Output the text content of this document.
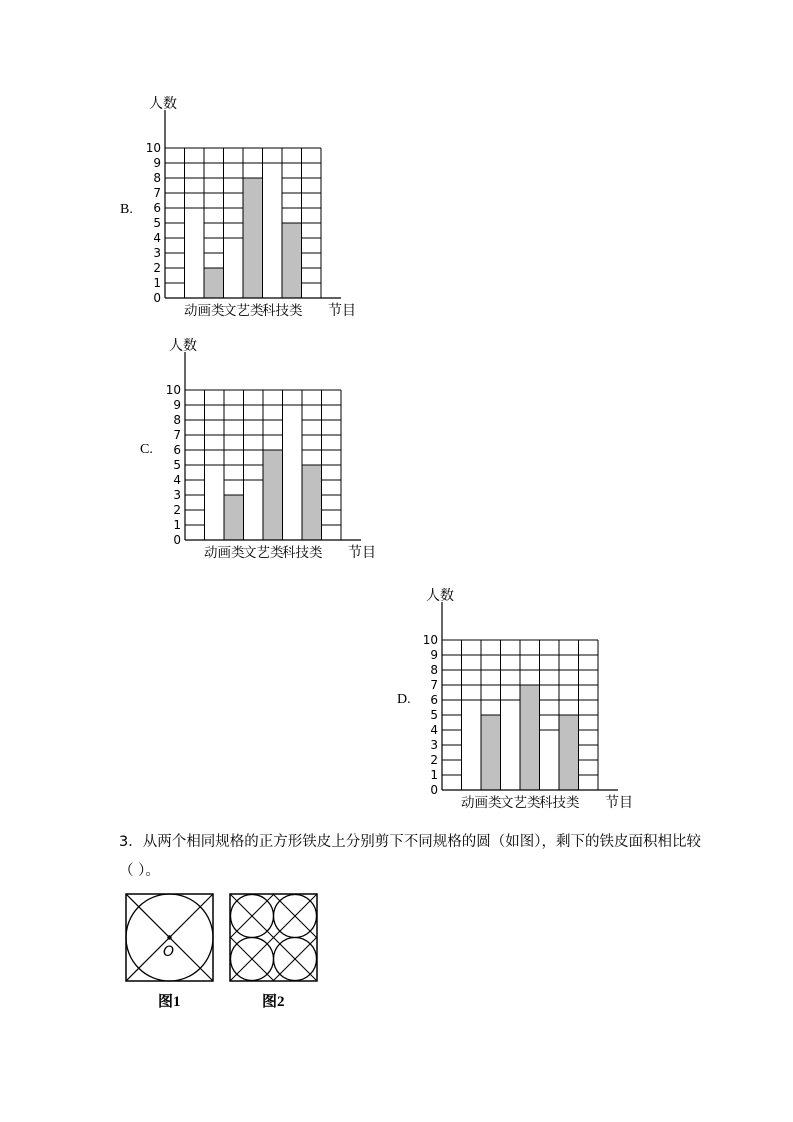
B.
动画类
文艺类
科技类
0
1
2
3
4
5
6
7
8
9
10
人数
节目
C.
动画类
文艺类
科技类
0
1
2
3
4
5
6
7
8
9
10
人数
节目
D.
动画类
文艺类
科技类
0
1
2
3
4
5
6
7
8
9
10
人数
节目
3．从两个相同规格的正方形铁皮上分别剪下不同规格的圆（如图），剩下的铁皮面积相比较
（ ）。
O
图1	图2
